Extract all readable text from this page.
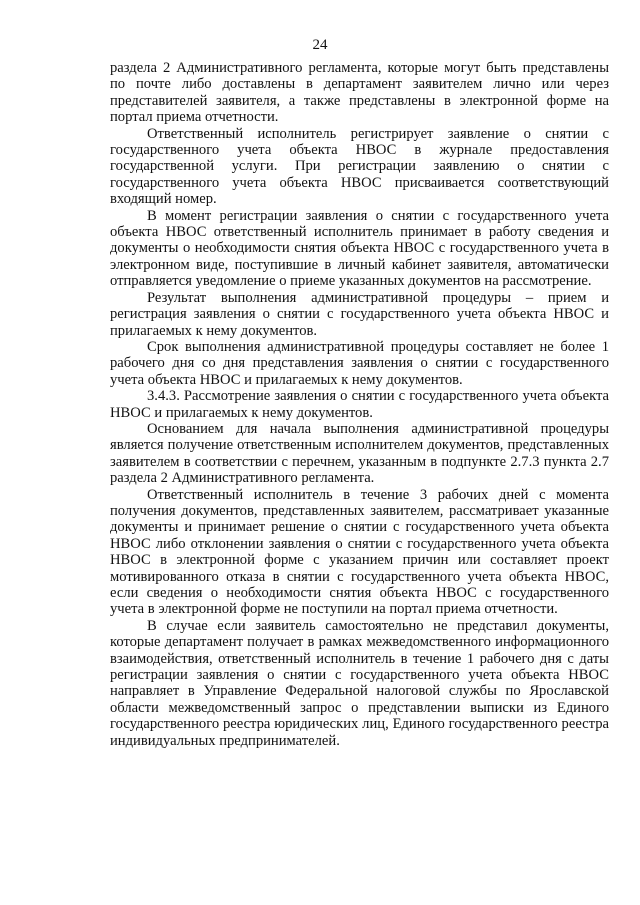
24

раздела 2 Административного регламента, которые могут быть представлены по почте либо доставлены в департамент заявителем лично или через представителей заявителя, а также представлены в электронной форме на портал приема отчетности.

Ответственный исполнитель регистрирует заявление о снятии с государственного учета объекта НВОС в журнале предоставления государственной услуги. При регистрации заявлению о снятии с государственного учета объекта НВОС присваивается соответствующий входящий номер.

В момент регистрации заявления о снятии с государственного учета объекта НВОС ответственный исполнитель принимает в работу сведения и документы о необходимости снятия объекта НВОС с государственного учета в электронном виде, поступившие в личный кабинет заявителя, автоматически отправляется уведомление о приеме указанных документов на рассмотрение.

Результат выполнения административной процедуры – прием и регистрация заявления о снятии с государственного учета объекта НВОС и прилагаемых к нему документов.

Срок выполнения административной процедуры составляет не более 1 рабочего дня со дня представления заявления о снятии с государственного учета объекта НВОС и прилагаемых к нему документов.

3.4.3. Рассмотрение заявления о снятии с государственного учета объекта НВОС и прилагаемых к нему документов.

Основанием для начала выполнения административной процедуры является получение ответственным исполнителем документов, представленных заявителем в соответствии с перечнем, указанным в подпункте 2.7.3 пункта 2.7 раздела 2 Административного регламента.

Ответственный исполнитель в течение 3 рабочих дней с момента получения документов, представленных заявителем, рассматривает указанные документы и принимает решение о снятии с государственного учета объекта НВОС либо отклонении заявления о снятии с государственного учета объекта НВОС в электронной форме с указанием причин или составляет проект мотивированного отказа в снятии с государственного учета объекта НВОС, если сведения о необходимости снятия объекта НВОС с государственного учета в электронной форме не поступили на портал приема отчетности.

В случае если заявитель самостоятельно не представил документы, которые департамент получает в рамках межведомственного информационного взаимодействия, ответственный исполнитель в течение 1 рабочего дня с даты регистрации заявления о снятии с государственного учета объекта НВОС направляет в Управление Федеральной налоговой службы по Ярославской области межведомственный запрос о представлении выписки из Единого государственного реестра юридических лиц, Единого государственного реестра индивидуальных предпринимателей.
